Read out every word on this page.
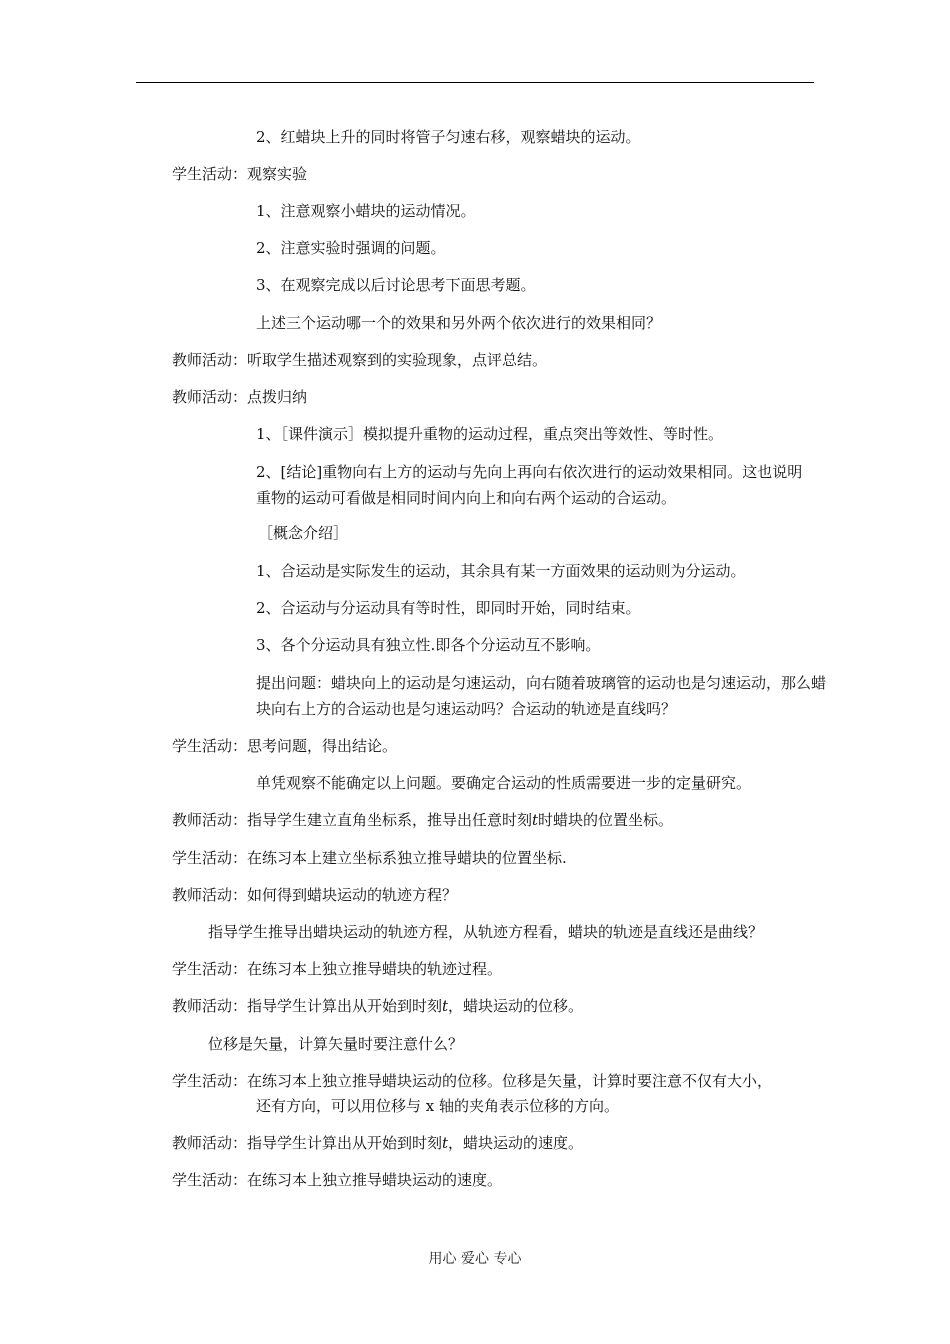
2、红蜡块上升的同时将管子匀速右移，观察蜡块的运动。
学生活动：观察实验
1、注意观察小蜡块的运动情况。
2、注意实验时强调的问题。
3、在观察完成以后讨论思考下面思考题。
上述三个运动哪一个的效果和另外两个依次进行的效果相同？
教师活动：听取学生描述观察到的实验现象，点评总结。
教师活动：点拨归纳
1、［课件演示］模拟提升重物的运动过程，重点突出等效性、等时性。
2、[结论]重物向右上方的运动与先向上再向右依次进行的运动效果相同。这也说明重物的运动可看做是相同时间内向上和向右两个运动的合运动。
［概念介绍］
1、合运动是实际发生的运动，其余具有某一方面效果的运动则为分运动。
2、合运动与分运动具有等时性，即同时开始，同时结束。
3、各个分运动具有独立性.即各个分运动互不影响。
提出问题：蜡块向上的运动是匀速运动，向右随着玻璃管的运动也是匀速运动，那么蜡块向右上方的合运动也是匀速运动吗？合运动的轨迹是直线吗？
学生活动：思考问题，得出结论。
单凭观察不能确定以上问题。要确定合运动的性质需要进一步的定量研究。
教师活动：指导学生建立直角坐标系，推导出任意时刻t时蜡块的位置坐标。
学生活动：在练习本上建立坐标系独立推导蜡块的位置坐标.
教师活动：如何得到蜡块运动的轨迹方程？
指导学生推导出蜡块运动的轨迹方程，从轨迹方程看，蜡块的轨迹是直线还是曲线？
学生活动：在练习本上独立推导蜡块的轨迹过程。
教师活动：指导学生计算出从开始到时刻t，蜡块运动的位移。
位移是矢量，计算矢量时要注意什么？
学生活动：在练习本上独立推导蜡块运动的位移。位移是矢量，计算时要注意不仅有大小，
还有方向，可以用位移与 x 轴的夹角表示位移的方向。
教师活动：指导学生计算出从开始到时刻t，蜡块运动的速度。
学生活动：在练习本上独立推导蜡块运动的速度。
用心 爱心 专心
